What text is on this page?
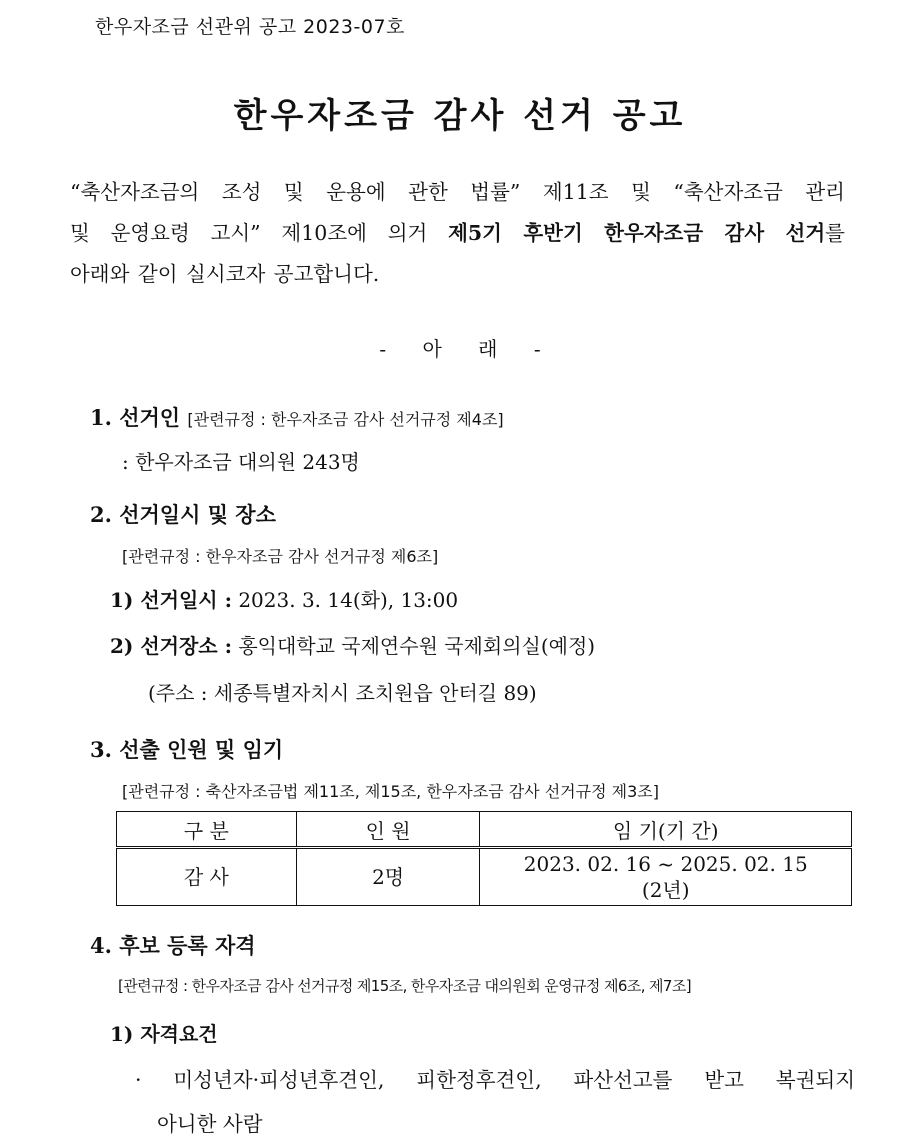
한우자조금 선관위 공고 2023-07호
한우자조금 감사 선거 공고
“축산자조금의 조성 및 운용에 관한 법률” 제11조 및 “축산자조금 관리
및 운영요령 고시” 제10조에 의거 제5기 후반기 한우자조금 감사 선거를
아래와 같이 실시코자 공고합니다.
- 아 래 -
1. 선거인 [관련규정 : 한우자조금 감사 선거규정 제4조]
: 한우자조금 대의원 243명
2. 선거일시 및 장소
[관련규정 : 한우자조금 감사 선거규정 제6조]
1) 선거일시 : 2023. 3. 14(화), 13:00
2) 선거장소 : 홍익대학교 국제연수원 국제회의실(예정)
(주소 : 세종특별자치시 조치원읍 안터길 89)
3. 선출 인원 및 임기
[관련규정 : 축산자조금법 제11조, 제15조, 한우자조금 감사 선거규정 제3조]
구 분	인 원	임 기(기 간)
감 사	2명	2023. 02. 16 ~ 2025. 02. 15
(2년)
4. 후보 등록 자격
[관련규정 : 한우자조금 감사 선거규정 제15조, 한우자조금 대의원회 운영규정 제6조, 제7조]
1) 자격요건
· 미성년자·피성년후견인, 피한정후견인, 파산선고를 받고 복권되지
아니한 사람
